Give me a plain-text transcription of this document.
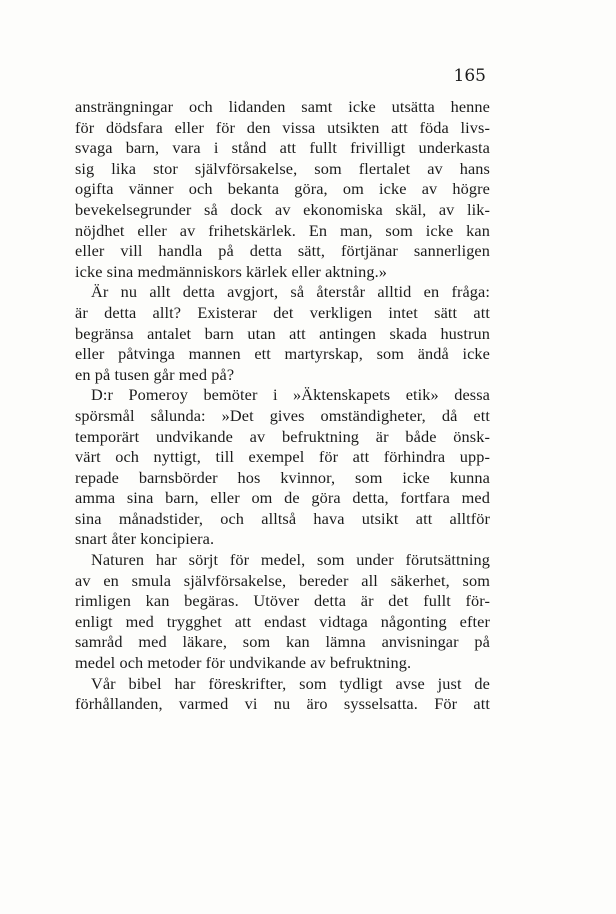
165
ansträngningar och lidanden samt icke utsätta henne
för dödsfara eller för den vissa utsikten att föda livs-
svaga barn, vara i stånd att fullt frivilligt underkasta
sig lika stor självförsakelse, som flertalet av hans
ogifta vänner och bekanta göra, om icke av högre
bevekelsegrunder så dock av ekonomiska skäl, av lik-
nöjdhet eller av frihetskärlek. En man, som icke kan
eller vill handla på detta sätt, förtjänar sannerligen
icke sina medmänniskors kärlek eller aktning.»
Är nu allt detta avgjort, så återstår alltid en fråga:
är detta allt? Existerar det verkligen intet sätt att
begränsa antalet barn utan att antingen skada hustrun
eller påtvinga mannen ett martyrskap, som ändå icke
en på tusen går med på?
D:r Pomeroy bemöter i »Äktenskapets etik» dessa
spörsmål sålunda: »Det gives omständigheter, då ett
temporärt undvikande av befruktning är både önsk-
värt och nyttigt, till exempel för att förhindra upp-
repade barnsbörder hos kvinnor, som icke kunna
amma sina barn, eller om de göra detta, fortfara med
sina månadstider, och alltså hava utsikt att alltför
snart åter koncipiera.
Naturen har sörjt för medel, som under förutsättning
av en smula självförsakelse, bereder all säkerhet, som
rimligen kan begäras. Utöver detta är det fullt för-
enligt med trygghet att endast vidtaga någonting efter
samråd med läkare, som kan lämna anvisningar på
medel och metoder för undvikande av befruktning.
Vår bibel har föreskrifter, som tydligt avse just de
förhållanden, varmed vi nu äro sysselsatta. För att
